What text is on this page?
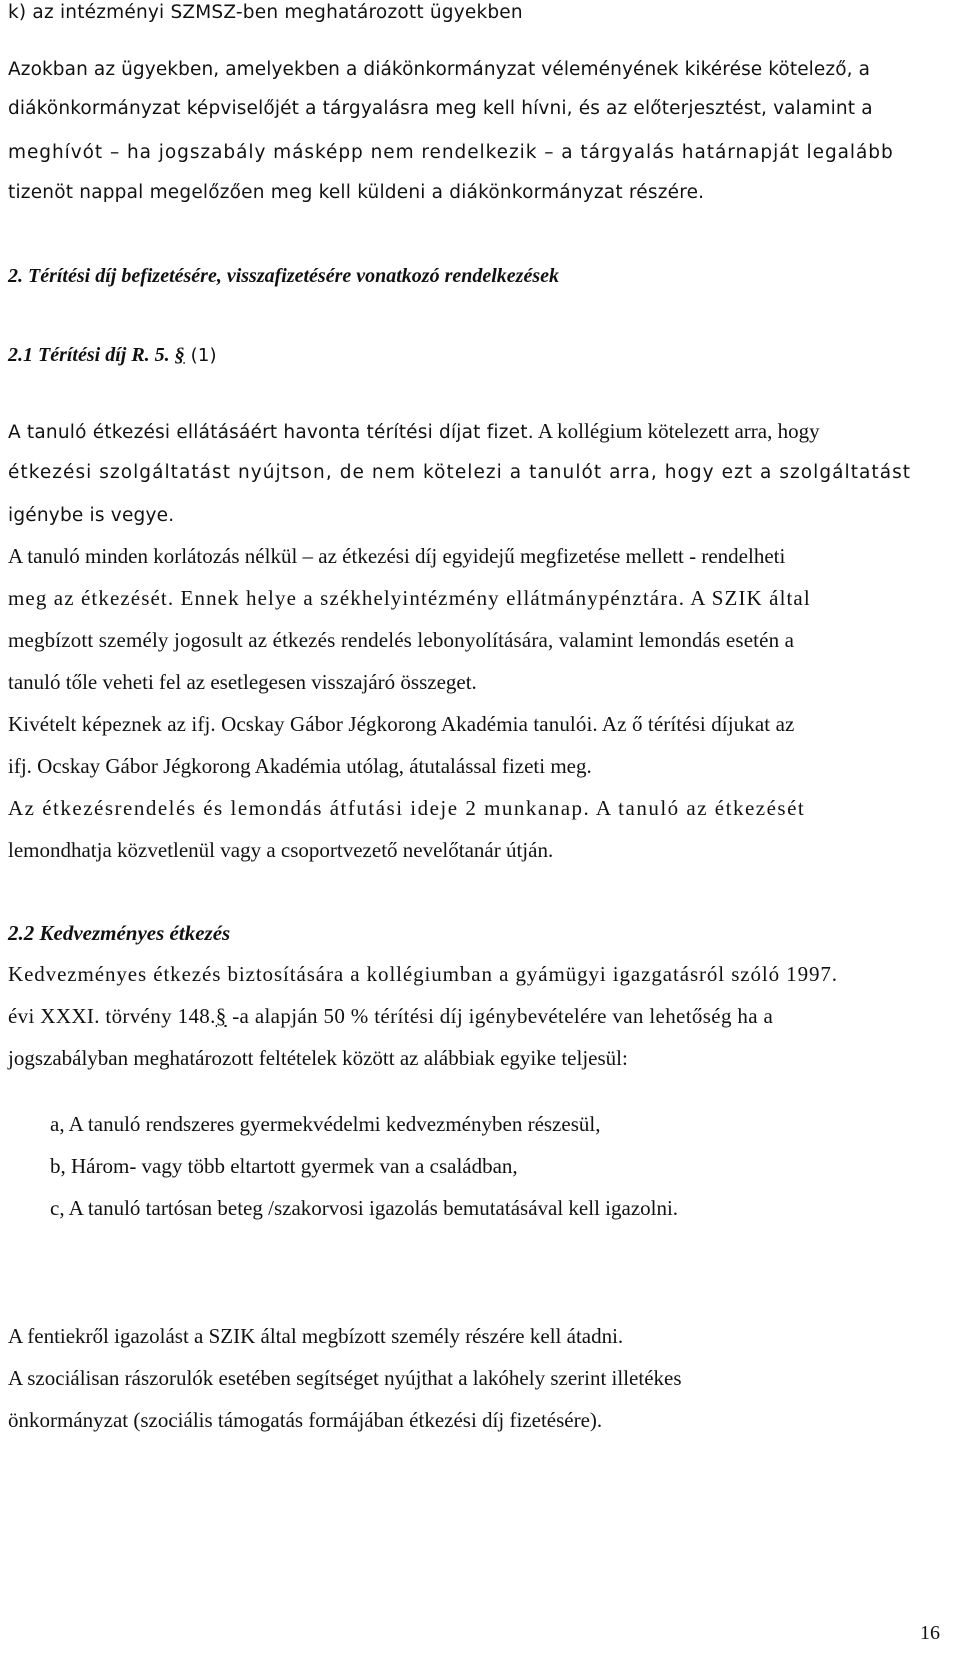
k) az intézményi SZMSZ-ben meghatározott ügyekben
Azokban az ügyekben, amelyekben a diákönkormányzat véleményének kikérése kötelező, a
diákönkormányzat képviselőjét a tárgyalásra meg kell hívni, és az előterjesztést, valamint a
meghívót – ha jogszabály másképp nem rendelkezik – a tárgyalás határnapját legalább
tizenöt nappal megelőzően meg kell küldeni a diákönkormányzat részére.
2. Térítési díj befizetésére, visszafizetésére vonatkozó rendelkezések
2.1 Térítési díj R. 5. § (1)
A tanuló étkezési ellátásáért havonta térítési díjat fizet. A kollégium kötelezett arra, hogy
étkezési szolgáltatást nyújtson, de nem kötelezi a tanulót arra, hogy ezt a szolgáltatást
igénybe is vegye.
A tanuló minden korlátozás nélkül – az étkezési díj egyidejű megfizetése mellett - rendelheti
meg az étkezését. Ennek helye a székhelyintézmény ellátmánypénztára. A SZIK által
megbízott személy jogosult az étkezés rendelés lebonyolítására, valamint lemondás esetén a
tanuló tőle veheti fel az esetlegesen visszajáró összeget.
Kivételt képeznek az ifj. Ocskay Gábor Jégkorong Akadémia tanulói. Az ő térítési díjukat az
ifj. Ocskay Gábor Jégkorong Akadémia utólag, átutalással fizeti meg.
Az étkezésrendelés és lemondás átfutási ideje 2 munkanap. A tanuló az étkezését
lemondhatja közvetlenül vagy a csoportvezető nevelőtanár útján.
2.2 Kedvezményes étkezés
Kedvezményes étkezés biztosítására a kollégiumban a gyámügyi igazgatásról szóló 1997.
évi XXXI. törvény 148.§ -a alapján 50 % térítési díj igénybevételére van lehetőség ha a
jogszabályban meghatározott feltételek között az alábbiak egyike teljesül:
a, A tanuló rendszeres gyermekvédelmi kedvezményben részesül,
b, Három- vagy több eltartott gyermek van a családban,
c, A tanuló tartósan beteg /szakorvosi igazolás bemutatásával kell igazolni.
A fentiekről igazolást a SZIK által megbízott személy részére kell átadni.
A szociálisan rászorulók esetében segítséget nyújthat a lakóhely szerint illetékes
önkormányzat (szociális támogatás formájában étkezési díj fizetésére).
16
